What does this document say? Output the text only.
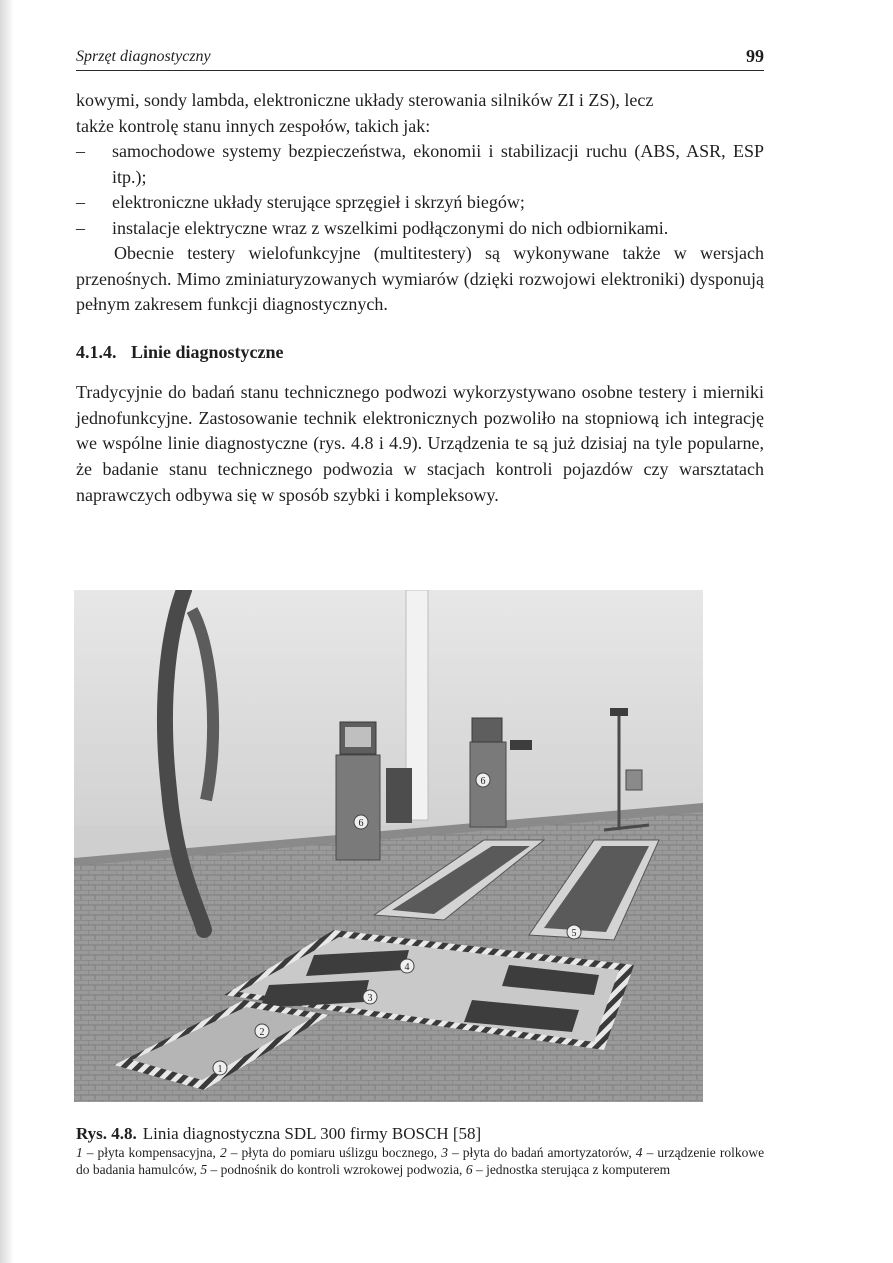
Sprzęt diagnostyczny	99

kowymi, sondy lambda, elektroniczne układy sterowania silników ZI i ZS), lecz

także kontrolę stanu innych zespołów, takich jak:

– samochodowe systemy bezpieczeństwa, ekonomii i stabilizacji ruchu (ABS, ASR, ESP itp.);
– elektroniczne układy sterujące sprzęgieł i skrzyń biegów;
– instalacje elektryczne wraz z wszelkimi podłączonymi do nich odbiornikami.

Obecnie testery wielofunkcyjne (multitestery) są wykonywane także w wersjach przenośnych. Mimo zminiaturyzowanych wymiarów (dzięki rozwojowi elektroniki) dysponują pełnym zakresem funkcji diagnostycznych.

4.1.4. Linie diagnostyczne

Tradycyjnie do badań stanu technicznego podwozi wykorzystywano osobne testery i mierniki jednofunkcyjne. Zastosowanie technik elektronicznych pozwoliło na stopniową ich integrację we wspólne linie diagnostyczne (rys. 4.8 i 4.9). Urządzenia te są już dzisiaj na tyle popularne, że badanie stanu technicznego podwozia w stacjach kontroli pojazdów czy warsztatach naprawczych odbywa się w sposób szybki i kompleksowy.

1
2
3
4
5
6
6
Rys. 4.8. Linia diagnostyczna SDL 300 firmy BOSCH [58]
1 – płyta kompensacyjna, 2 – płyta do pomiaru uślizgu bocznego, 3 – płyta do badań amortyzatorów, 4 – urządzenie rolkowe do badania hamulców, 5 – podnośnik do kontroli wzrokowej podwozia, 6 – jednostka sterująca z komputerem
